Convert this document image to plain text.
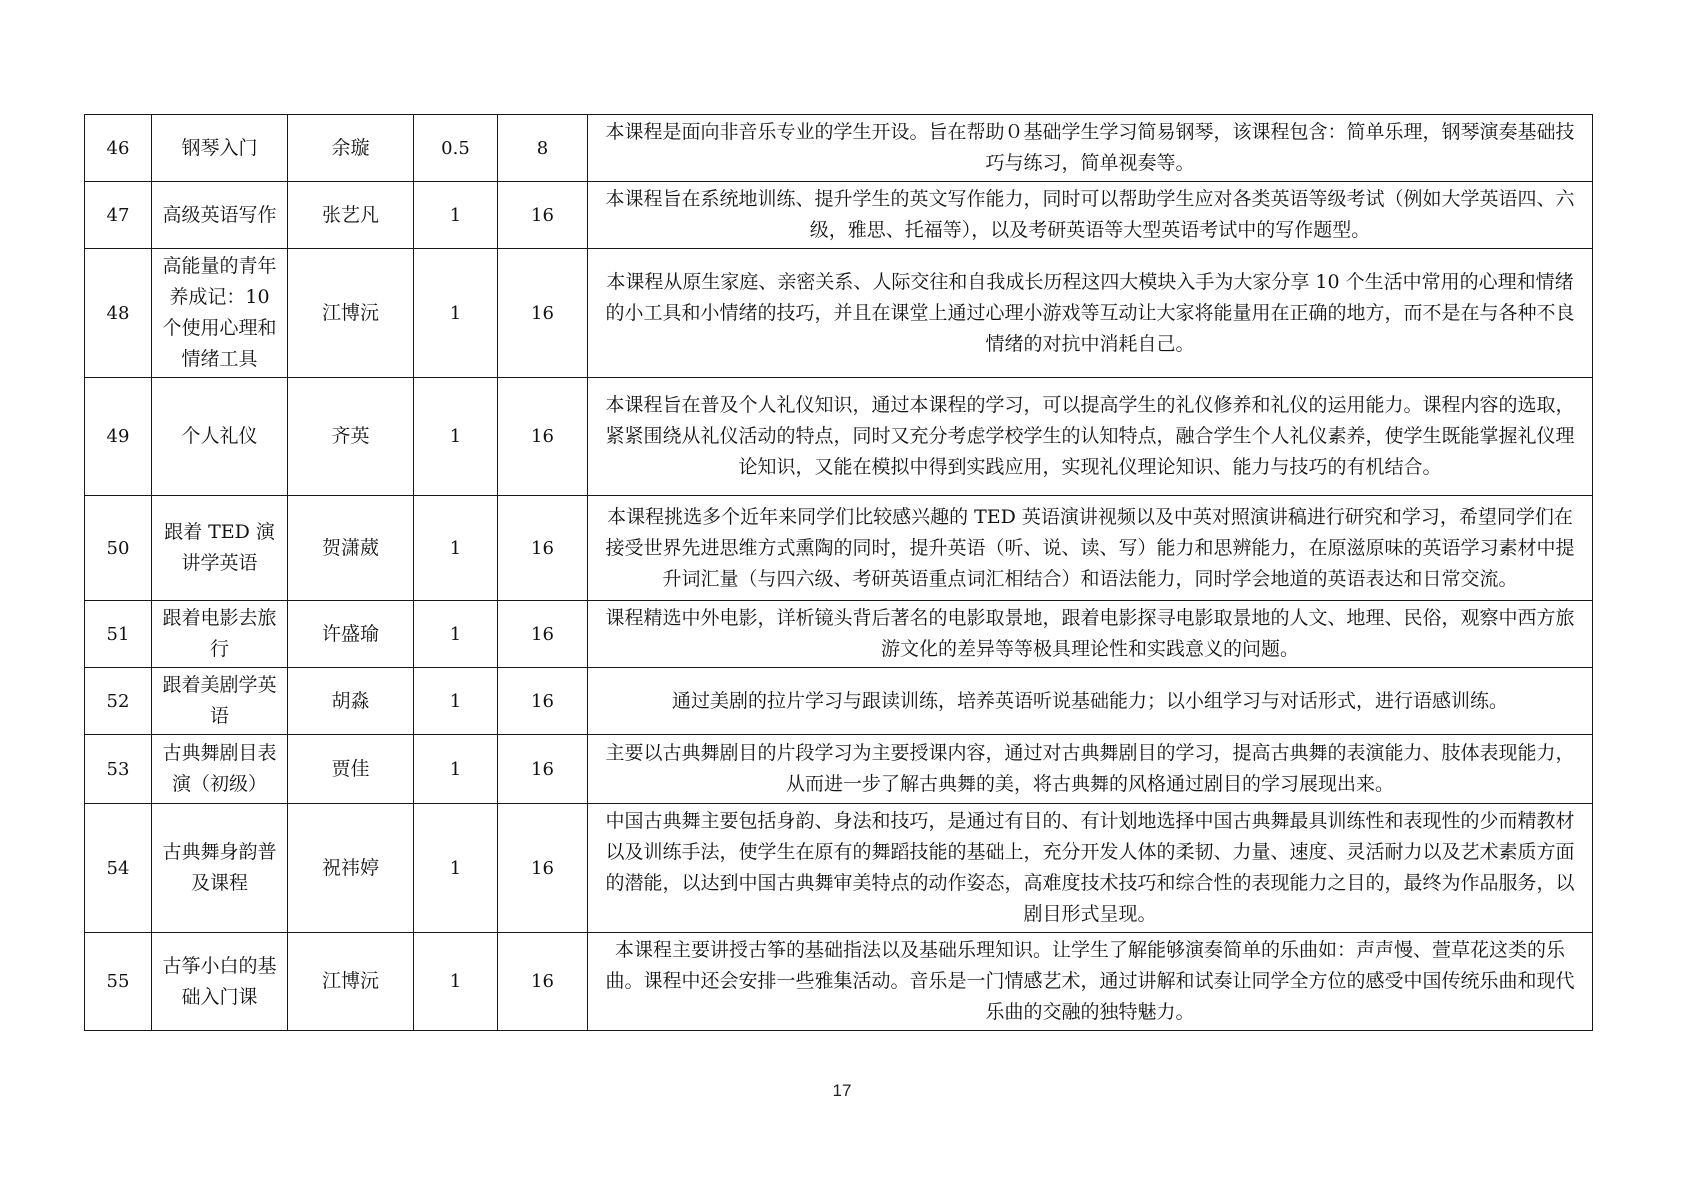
46	钢琴入门	余璇	0.5	8	本课程是面向非音乐专业的学生开设。旨在帮助０基础学生学习简易钢琴，该课程包含：简单乐理，钢琴演奏基础技巧与练习，简单视奏等。
47	高级英语写作	张艺凡	1	16	本课程旨在系统地训练、提升学生的英文写作能力，同时可以帮助学生应对各类英语等级考试（例如大学英语四、六级，雅思、托福等），以及考研英语等大型英语考试中的写作题型。
48	高能量的青年养成记：10个使用心理和情绪工具	江博沅	1	16	本课程从原生家庭、亲密关系、人际交往和自我成长历程这四大模块入手为大家分享 10 个生活中常用的心理和情绪的小工具和小情绪的技巧，并且在课堂上通过心理小游戏等互动让大家将能量用在正确的地方，而不是在与各种不良情绪的对抗中消耗自己。
49	个人礼仪	齐英	1	16	本课程旨在普及个人礼仪知识，通过本课程的学习，可以提高学生的礼仪修养和礼仪的运用能力。课程内容的选取，紧紧围绕从礼仪活动的特点，同时又充分考虑学校学生的认知特点，融合学生个人礼仪素养，使学生既能掌握礼仪理论知识，又能在模拟中得到实践应用，实现礼仪理论知识、能力与技巧的有机结合。
50	跟着 TED 演讲学英语	贺潇葳	1	16	本课程挑选多个近年来同学们比较感兴趣的 TED 英语演讲视频以及中英对照演讲稿进行研究和学习，希望同学们在接受世界先进思维方式熏陶的同时，提升英语（听、说、读、写）能力和思辨能力，在原滋原味的英语学习素材中提升词汇量（与四六级、考研英语重点词汇相结合）和语法能力，同时学会地道的英语表达和日常交流。
51	跟着电影去旅行	许盛瑜	1	16	课程精选中外电影，详析镜头背后著名的电影取景地，跟着电影探寻电影取景地的人文、地理、民俗，观察中西方旅游文化的差异等等极具理论性和实践意义的问题。
52	跟着美剧学英语	胡淼	1	16	通过美剧的拉片学习与跟读训练，培养英语听说基础能力；以小组学习与对话形式，进行语感训练。
53	古典舞剧目表演（初级）	贾佳	1	16	主要以古典舞剧目的片段学习为主要授课内容，通过对古典舞剧目的学习，提高古典舞的表演能力、肢体表现能力，从而进一步了解古典舞的美，将古典舞的风格通过剧目的学习展现出来。
54	古典舞身韵普及课程	祝祎婷	1	16	中国古典舞主要包括身韵、身法和技巧，是通过有目的、有计划地选择中国古典舞最具训练性和表现性的少而精教材以及训练手法，使学生在原有的舞蹈技能的基础上，充分开发人体的柔韧、力量、速度、灵活耐力以及艺术素质方面的潜能，以达到中国古典舞审美特点的动作姿态，高难度技术技巧和综合性的表现能力之目的，最终为作品服务，以剧目形式呈现。
55	古筝小白的基础入门课	江博沅	1	16	本课程主要讲授古筝的基础指法以及基础乐理知识。让学生了解能够演奏简单的乐曲如：声声慢、萱草花这类的乐曲。课程中还会安排一些雅集活动。音乐是一门情感艺术，通过讲解和试奏让同学全方位的感受中国传统乐曲和现代乐曲的交融的独特魅力。
17
